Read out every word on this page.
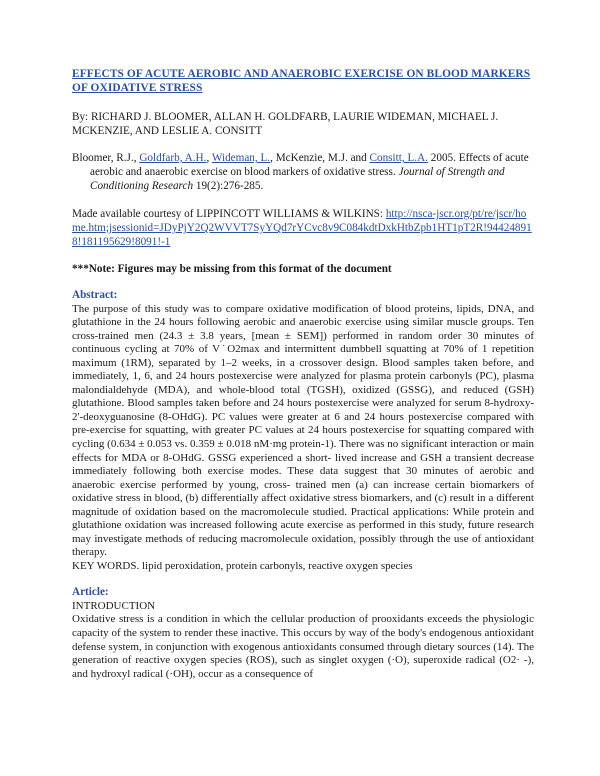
EFFECTS OF ACUTE AEROBIC AND ANAEROBIC EXERCISE ON BLOOD MARKERS OF OXIDATIVE STRESS
By: RICHARD J. BLOOMER, ALLAN H. GOLDFARB, LAURIE WIDEMAN, MICHAEL J. MCKENZIE, AND LESLIE A. CONSITT
Bloomer, R.J., Goldfarb, A.H., Wideman, L., McKenzie, M.J. and Consitt, L.A. 2005. Effects of acute aerobic and anaerobic exercise on blood markers of oxidative stress. Journal of Strength and Conditioning Research 19(2):276-285.
Made available courtesy of LIPPINCOTT WILLIAMS & WILKINS: http://nsca-jscr.org/pt/re/jscr/home.htm;jsessionid=JDyPjY2Q2WVVT7SyYQd7rYCvc8v9C084kdtDxkHtbZpb1HT1pT2R!944248918!181195629!8091!-1
***Note: Figures may be missing from this format of the document
Abstract:
The purpose of this study was to compare oxidative modification of blood proteins, lipids, DNA, and glutathione in the 24 hours following aerobic and anaerobic exercise using similar muscle groups. Ten cross-trained men (24.3 ± 3.8 years, [mean ± SEM]) performed in random order 30 minutes of continuous cycling at 70% of V˙O2max and intermittent dumbbell squatting at 70% of 1 repetition maximum (1RM), separated by 1–2 weeks, in a crossover design. Blood samples taken before, and immediately, 1, 6, and 24 hours postexercise were analyzed for plasma protein carbonyls (PC), plasma malondialdehyde (MDA), and whole-blood total (TGSH), oxidized (GSSG), and reduced (GSH) glutathione. Blood samples taken before and 24 hours postexercise were analyzed for serum 8-hydroxy-2'-deoxyguanosine (8-OHdG). PC values were greater at 6 and 24 hours postexercise compared with pre-exercise for squatting, with greater PC values at 24 hours postexercise for squatting compared with cycling (0.634 ± 0.053 vs. 0.359 ± 0.018 nM·mg protein-1). There was no significant interaction or main effects for MDA or 8-OHdG. GSSG experienced a short- lived increase and GSH a transient decrease immediately following both exercise modes. These data suggest that 30 minutes of aerobic and anaerobic exercise performed by young, cross- trained men (a) can increase certain biomarkers of oxidative stress in blood, (b) differentially affect oxidative stress biomarkers, and (c) result in a different magnitude of oxidation based on the macromolecule studied. Practical applications: While protein and glutathione oxidation was increased following acute exercise as performed in this study, future research may investigate methods of reducing macromolecule oxidation, possibly through the use of antioxidant therapy.
KEY WORDS. lipid peroxidation, protein carbonyls, reactive oxygen species
Article:
INTRODUCTION
Oxidative stress is a condition in which the cellular production of prooxidants exceeds the physiologic capacity of the system to render these inactive. This occurs by way of the body's endogenous antioxidant defense system, in conjunction with exogenous antioxidants consumed through dietary sources (14). The generation of reactive oxygen species (ROS), such as singlet oxygen (·O), superoxide radical (O2· -), and hydroxyl radical (·OH), occur as a consequence of
